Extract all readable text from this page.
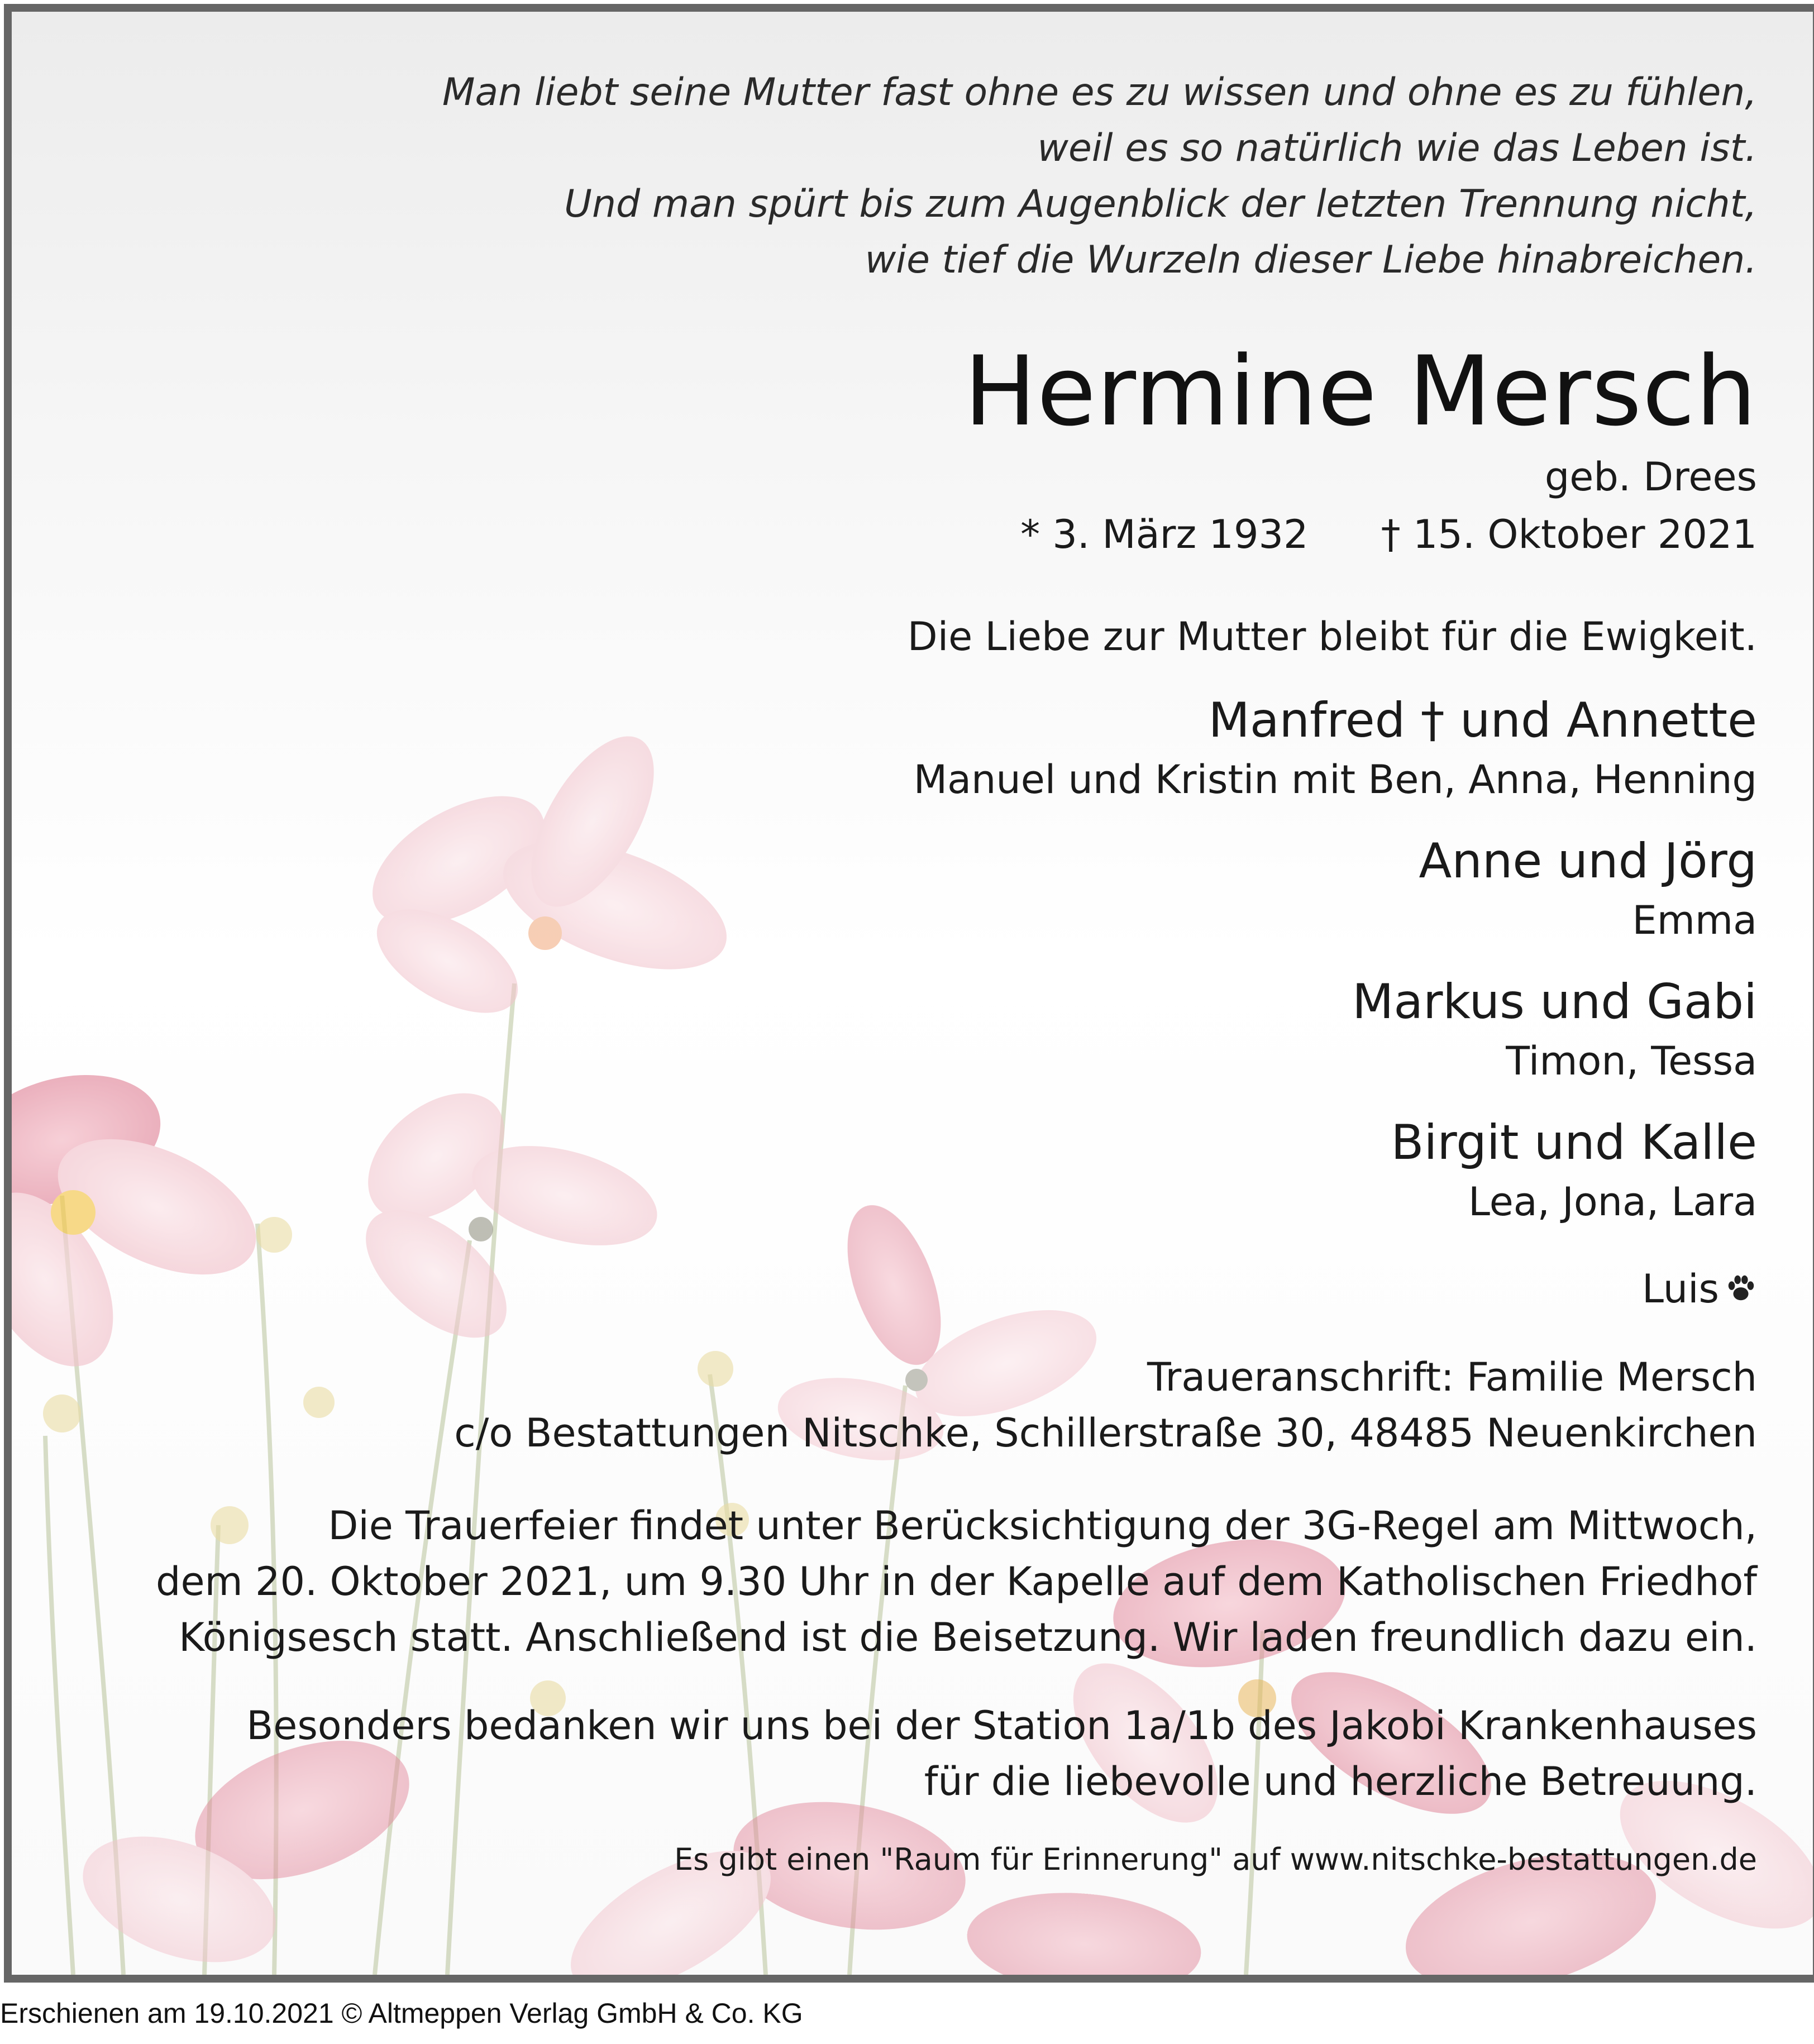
Man liebt seine Mutter fast ohne es zu wissen und ohne es zu fühlen,
weil es so natürlich wie das Leben ist.
Und man spürt bis zum Augenblick der letzten Trennung nicht,
wie tief die Wurzeln dieser Liebe hinabreichen.
Hermine Mersch
geb. Drees
* 3. März 1932 † 15. Oktober 2021
Die Liebe zur Mutter bleibt für die Ewigkeit.
Manfred † und Annette
Manuel und Kristin mit Ben, Anna, Henning
Anne und Jörg
Emma
Markus und Gabi
Timon, Tessa
Birgit und Kalle
Lea, Jona, Lara
Luis
Traueranschrift: Familie Mersch
c/o Bestattungen Nitschke, Schillerstraße 30, 48485 Neuenkirchen
Die Trauerfeier findet unter Berücksichtigung der 3G-Regel am Mittwoch,
dem 20. Oktober 2021, um 9.30 Uhr in der Kapelle auf dem Katholischen Friedhof
Königsesch statt. Anschließend ist die Beisetzung. Wir laden freundlich dazu ein.
Besonders bedanken wir uns bei der Station 1a/1b des Jakobi Krankenhauses
für die liebevolle und herzliche Betreuung.
Es gibt einen "Raum für Erinnerung" auf www.nitschke-bestattungen.de
Erschienen am 19.10.2021 © Altmeppen Verlag GmbH & Co. KG
